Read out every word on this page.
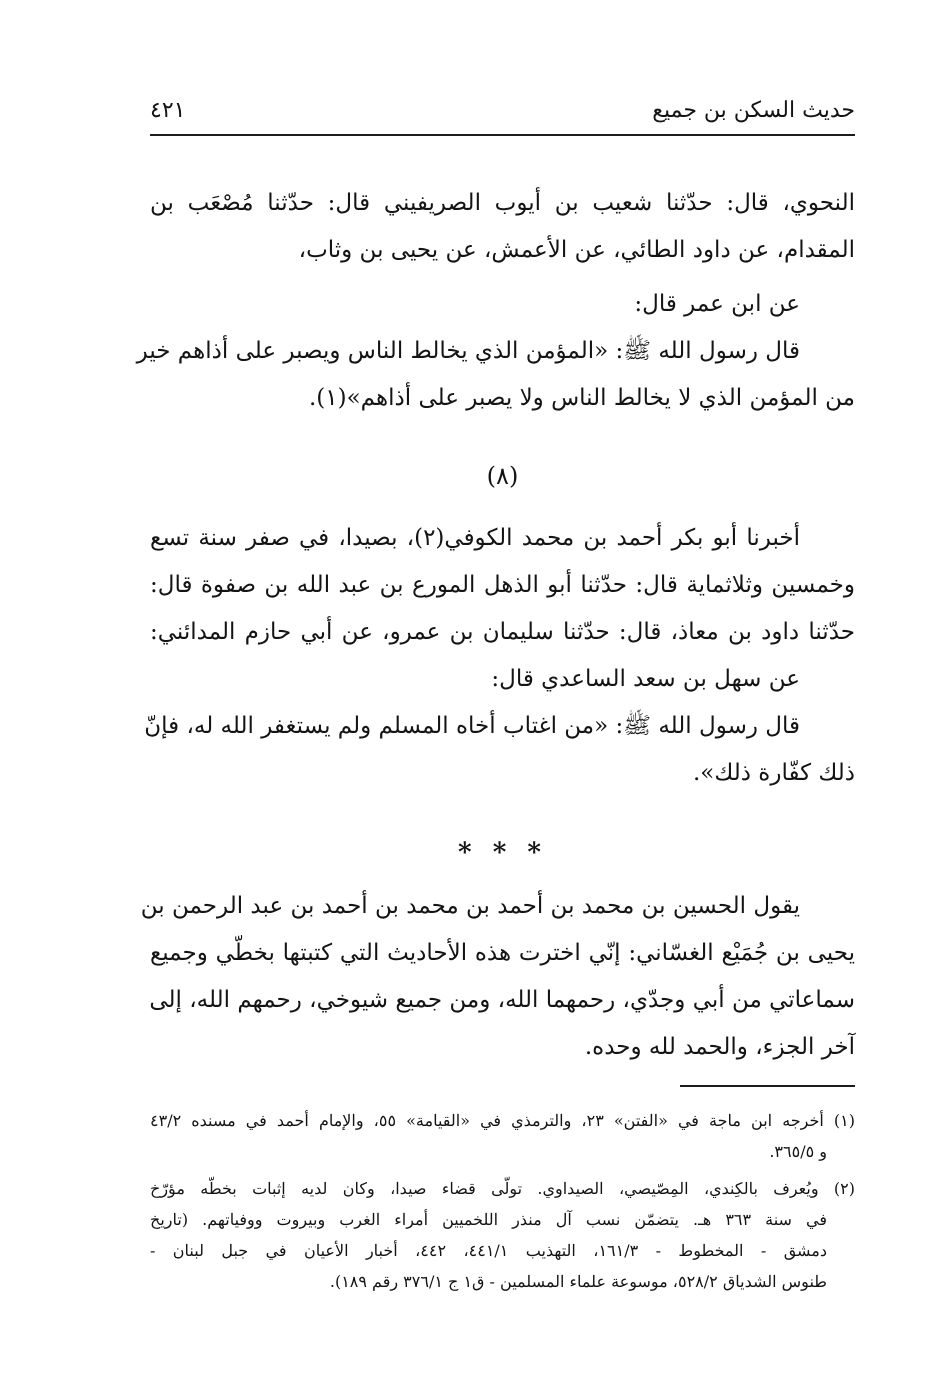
حديث السكن بن جميع
٤٢١
النحوي، قال: حدّثنا شعيب بن أيوب الصريفيني قال: حدّثنا مُصْعَب بن
المقدام، عن داود الطائي، عن الأعمش، عن يحيى بن وثاب،
عن ابن عمر قال:
قال رسول الله ﷺ: «المؤمن الذي يخالط الناس ويصبر على أذاهم خير
من المؤمن الذي لا يخالط الناس ولا يصبر على أذاهم»(١).
(٨)
أخبرنا أبو بكر أحمد بن محمد الكوفي(٢)، بصيدا، في صفر سنة تسع
وخمسين وثلاثماية قال: حدّثنا أبو الذهل المورع بن عبد الله بن صفوة قال:
حدّثنا داود بن معاذ، قال: حدّثنا سليمان بن عمرو، عن أبي حازم المدائني:
عن سهل بن سعد الساعدي قال:
قال رسول الله ﷺ: «من اغتاب أخاه المسلم ولم يستغفر الله له، فإنّ
ذلك كفّارة ذلك».
* * *
يقول الحسين بن محمد بن أحمد بن محمد بن أحمد بن عبد الرحمن بن
يحيى بن جُمَيْع الغسّاني: إنّي اخترت هذه الأحاديث التي كتبتها بخطّي وجميع
سماعاتي من أبي وجدّي، رحمهما الله، ومن جميع شيوخي، رحمهم الله، إلى
آخر الجزء، والحمد لله وحده.
(١) أخرجه ابن ماجة في «الفتن» ٢٣، والترمذي في «القيامة» ٥٥، والإمام أحمد في مسنده ٤٣/٢
و ٣٦٥/٥.
(٢) ويُعرف بالكِندي، المِصّيصي، الصيداوي. تولّى قضاء صيدا، وكان لديه إثبات بخطّه مؤرّخ
في سنة ٣٦٣ هـ. يتضمّن نسب آل منذر اللخميين أمراء الغرب وبيروت ووفياتهم. (تاريخ
دمشق - المخطوط - ١٦١/٣، التهذيب ٤٤١/١، ٤٤٢، أخبار الأعيان في جبل لبنان -
طنوس الشدياق ٥٢٨/٢، موسوعة علماء المسلمين - ق١ ج ٣٧٦/١ رقم ١٨٩).
